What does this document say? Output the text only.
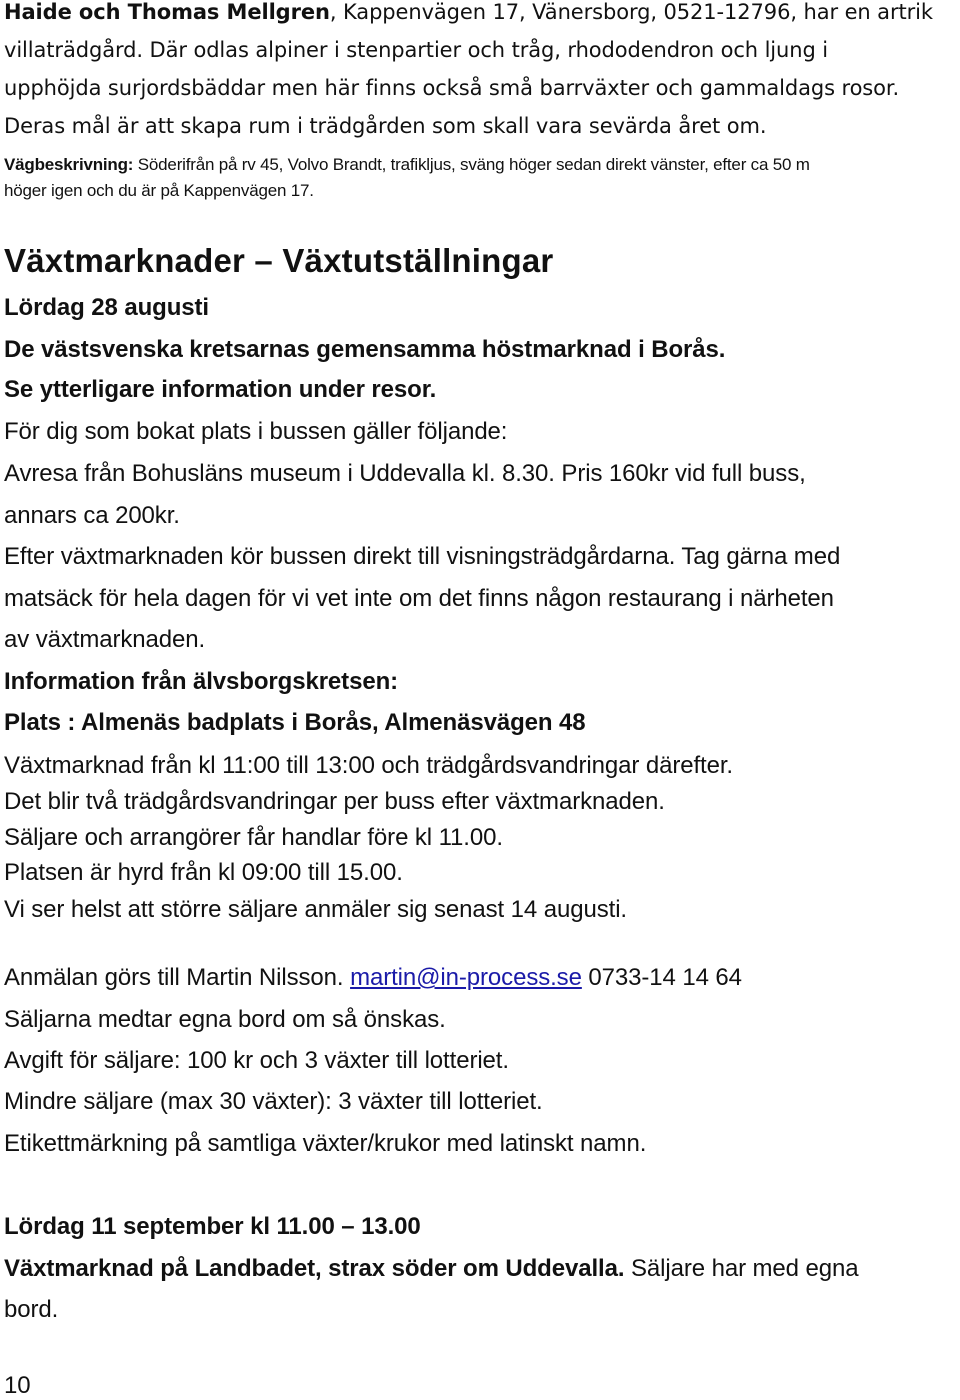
Haide och Thomas Mellgren, Kappenvägen 17, Vänersborg, 0521-12796, har en artrik
villaträdgård. Där odlas alpiner i stenpartier och tråg, rhododendron och ljung i
upphöjda surjordsbäddar men här finns också små barrväxter och gammaldags rosor.
Deras mål är att skapa rum i trädgården som skall vara sevärda året om.
Vägbeskrivning: Söderifrån på rv 45, Volvo Brandt, trafikljus, sväng höger sedan direkt vänster, efter ca 50 m
höger igen och du är på Kappenvägen 17.
Växtmarknader – Växtutställningar
Lördag 28 augusti
De västsvenska kretsarnas gemensamma höstmarknad i Borås.
Se ytterligare information under resor.
För dig som bokat plats i bussen gäller följande:
Avresa från Bohusläns museum i Uddevalla kl. 8.30. Pris 160kr vid full buss,
annars ca 200kr.
Efter växtmarknaden kör bussen direkt till visningsträdgårdarna. Tag gärna med
matsäck för hela dagen för vi vet inte om det finns någon restaurang i närheten
av växtmarknaden.
Information från älvsborgskretsen:
Plats : Almenäs badplats i Borås, Almenäsvägen 48
Växtmarknad från kl 11:00 till 13:00 och trädgårdsvandringar därefter.
Det blir två trädgårdsvandringar per buss efter växtmarknaden.
Säljare och arrangörer får handlar före kl 11.00.
Platsen är hyrd från kl 09:00 till 15.00.
Vi ser helst att större säljare anmäler sig senast 14 augusti.
Anmälan görs till Martin Nilsson. martin@in-process.se 0733-14 14 64
Säljarna medtar egna bord om så önskas.
Avgift för säljare: 100 kr och 3 växter till lotteriet.
Mindre säljare (max 30 växter): 3 växter till lotteriet.
Etikettmärkning på samtliga växter/krukor med latinskt namn.
Lördag 11 september kl 11.00 – 13.00
Växtmarknad på Landbadet, strax söder om Uddevalla. Säljare har med egna
bord.
10
